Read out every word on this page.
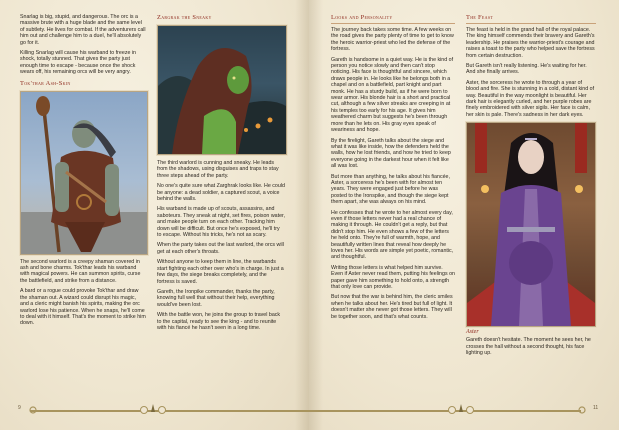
Snarlag is big, stupid, and dangerous. The orc is a massive brute with a huge blade and the same level of subtlety. He lives for combat. If the adventurers call him out and challenge him to a duel, he'll absolutely go for it.

Killing Snarlag will cause his warband to freeze in shock, totally stunned. That gives the party just enough time to escape - because once the shock wears off, his remaining orcs will be very angry.

Tok'thar Ash-Skin

The second warlord is a creepy shaman covered in ash and bone charms. Tok'thar leads his warband with magical powers. He can summon spirits, curse the battlefield, and strike from a distance.

A bard or a rogue could provoke Tok'thar and draw the shaman out. A wizard could disrupt his magic, and a cleric might banish his spirits, making the orc warlord lose his patience. When he snaps, he'll come to deal with it himself. That's the moment to strike him down.

Zargrak the Sneaky

The third warlord is cunning and sneaky. He leads from the shadows, using disguises and traps to stay three steps ahead of the party.

No one's quite sure what Zarghrak looks like. He could be anyone: a dead soldier, a captured scout, a voice behind the walls.

His warband is made up of scouts, assassins, and saboteurs. They sneak at night, set fires, poison water, and make people turn on each other. Tracking him down will be difficult. But once he's exposed, he'll try to escape. Without his tricks, he's not as scary.

When the party takes out the last warlord, the orcs will get at each other's throats.

Without anyone to keep them in line, the warbands start fighting each other over who's in charge. In just a few days, the siege breaks completely, and the fortress is saved.

Gareth, the Ironpike commander, thanks the party, knowing full well that without their help, everything would've been lost.

With the battle won, he joins the group to travel back to the capital, ready to see the king - and to reunite with his fiancé he hasn't seen in a long time.

9
Looks and Personality

The journey back takes some time. A few weeks on the road gives the party plenty of time to get to know the heroic warrior-priest who led the defense of the fortress.

Gareth is handsome in a quiet way. He is the kind of person you notice slowly and then can't stop noticing. His face is thoughtful and sincere, which draws people in. He looks like he belongs both in a chapel and on a battlefield, part knight and part monk. He has a sturdy build, as if he were born to wear armor. His blonde hair is a short and practical cut, although a few silver streaks are creeping in at his temples too early for his age. It gives him weathered charm but suggests he's been through more than he lets on. His gray eyes speak of weariness and hope.

By the firelight, Gareth talks about the siege and what it was like inside, how the defenders held the walls, how he lost friends, and how he tried to keep everyone going in the darkest hour when it felt like all was lost.

But more than anything, he talks about his fiancée, Aster, a sorceress he's been with for almost ten years. They were engaged just before he was posted to the Ironspike, and though the siege kept them apart, she was always on his mind.

He confesses that he wrote to her almost every day, even if those letters never had a real chance of making it through. He couldn't get a reply, but that didn't stop him. He even shows a few of the letters he held onto. They're full of warmth, hope, and beautifully written lines that reveal how deeply he loves her. His words are simple yet poetic, romantic, and thoughtful.

Writing those letters is what helped him survive. Even if Aster never read them, putting his feelings on paper gave him something to hold onto, a strength that only love can provide.

But now that the war is behind him, the cleric smiles when he talks about her. He's tired but full of light. It doesn't matter she never got those letters. They will be together soon, and that's what counts.

The Feast

The feast is held in the grand hall of the royal palace. The king himself commends their bravery and Gareth's leadership. He praises the warrior-priest's courage and raises a toast to the party who helped save the fortress from certain destruction.

But Gareth isn't really listening. He's waiting for her. And she finally arrives.

Aster, the sorceress he wrote to through a year of blood and fire. She is stunning in a cold, distant kind of way. Beautiful in the way moonlight is beautiful. Her dark hair is elegantly curled, and her purple robes are finely embroidered with silver sigils. Her face is calm, her skin is pale. There's sadness in her dark eyes.

Aster

Gareth doesn't hesitate. The moment he sees her, he crosses the hall without a second thought, his face lighting up.

11
